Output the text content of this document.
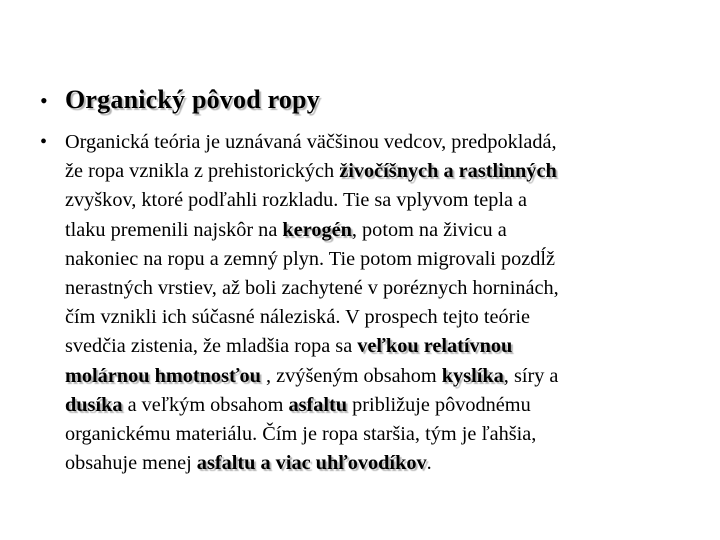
• Organický pôvod ropy
• Organická teória je uznávaná väčšinou vedcov, predpokladá,
že ropa vznikla z prehistorických živočíšnych a rastlinných
zvyškov, ktoré podľahli rozkladu. Tie sa vplyvom tepla a
tlaku premenili najskôr na kerogén, potom na živicu a
nakoniec na ropu a zemný plyn. Tie potom migrovali pozdĺž
nerastných vrstiev, až boli zachytené v poréznych horninách,
čím vznikli ich súčasné náleziská. V prospech tejto teórie
svedčia zistenia, že mladšia ropa sa veľkou relatívnou
molárnou hmotnosťou , zvýšeným obsahom kyslíka, síry a
dusíka a veľkým obsahom asfaltu približuje pôvodnému
organickému materiálu. Čím je ropa staršia, tým je ľahšia,
obsahuje menej asfaltu a viac uhľovodíkov.
